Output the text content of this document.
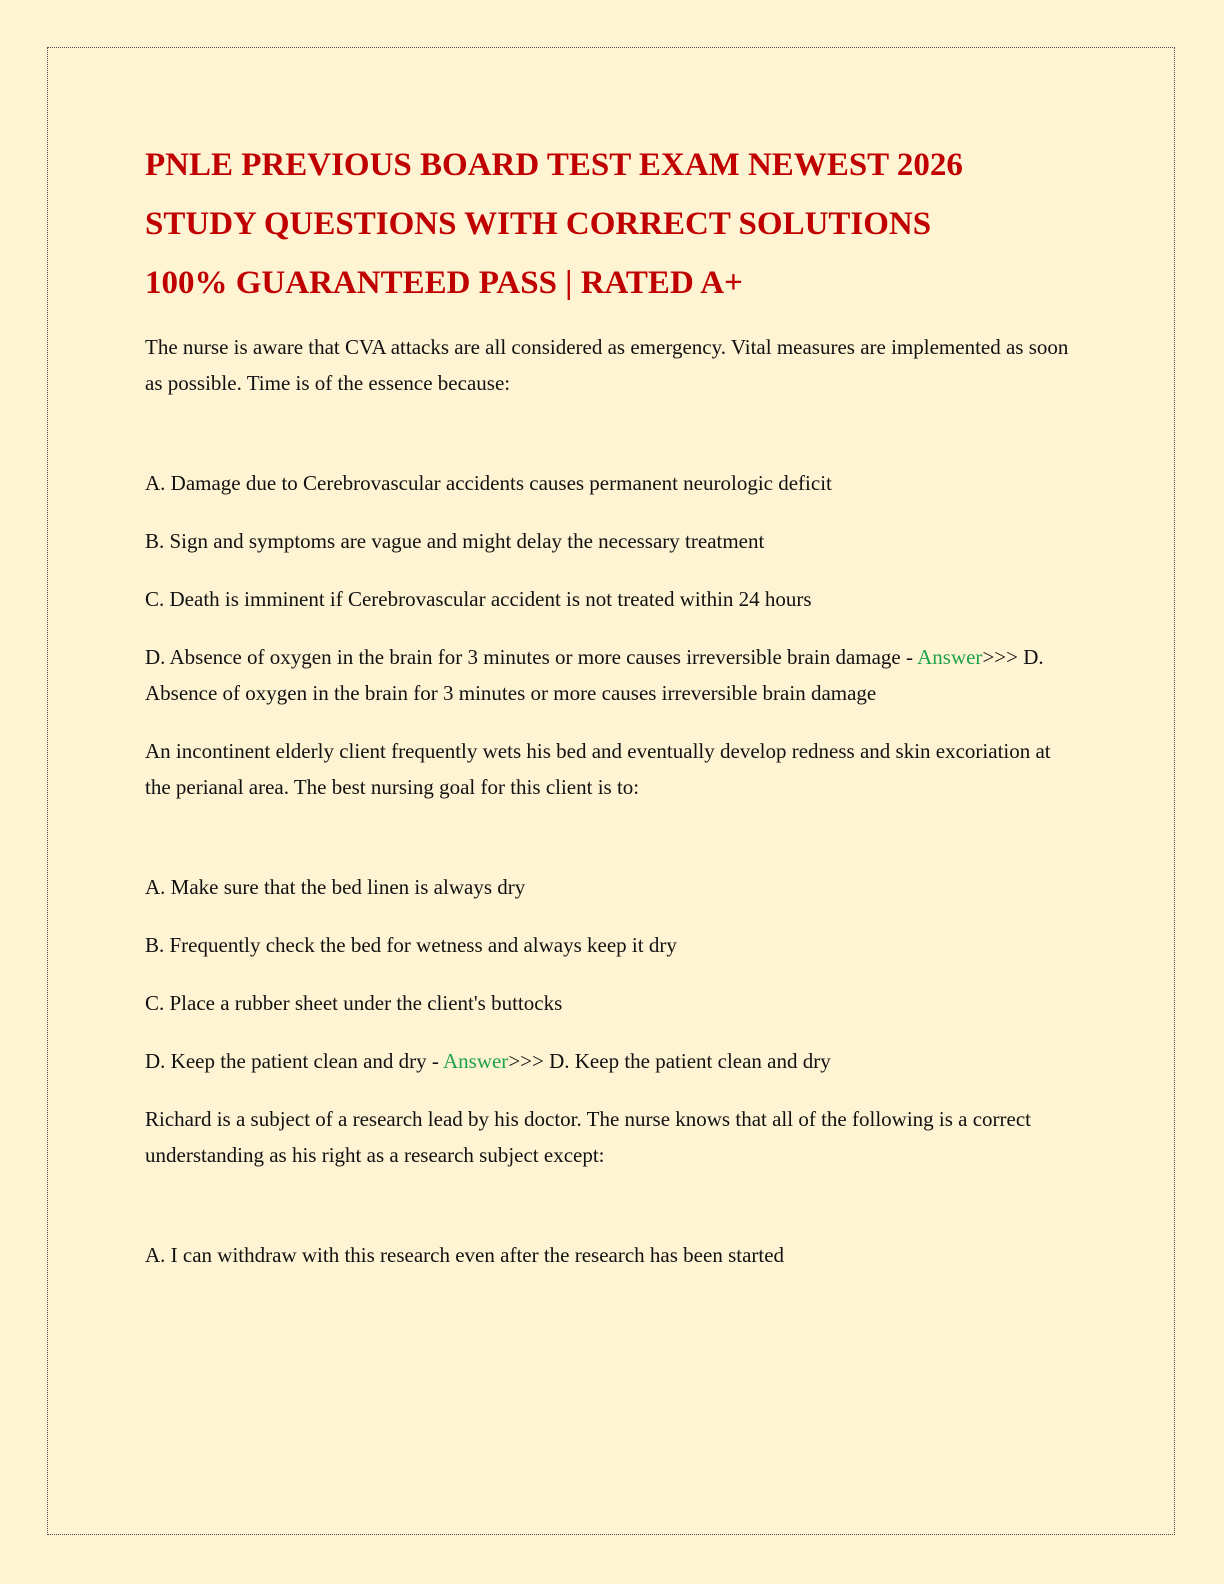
PNLE PREVIOUS BOARD TEST EXAM NEWEST 2026
STUDY QUESTIONS WITH CORRECT SOLUTIONS
100% GUARANTEED PASS | RATED A+

The nurse is aware that CVA attacks are all considered as emergency. Vital measures are implemented as soon as possible. Time is of the essence because:

A. Damage due to Cerebrovascular accidents causes permanent neurologic deficit

B. Sign and symptoms are vague and might delay the necessary treatment

C. Death is imminent if Cerebrovascular accident is not treated within 24 hours

D. Absence of oxygen in the brain for 3 minutes or more causes irreversible brain damage - Answer>>> D. Absence of oxygen in the brain for 3 minutes or more causes irreversible brain damage

An incontinent elderly client frequently wets his bed and eventually develop redness and skin excoriation at the perianal area. The best nursing goal for this client is to:

A. Make sure that the bed linen is always dry

B. Frequently check the bed for wetness and always keep it dry

C. Place a rubber sheet under the client's buttocks

D. Keep the patient clean and dry - Answer>>> D. Keep the patient clean and dry

Richard is a subject of a research lead by his doctor. The nurse knows that all of the following is a correct understanding as his right as a research subject except:

A. I can withdraw with this research even after the research has been started
